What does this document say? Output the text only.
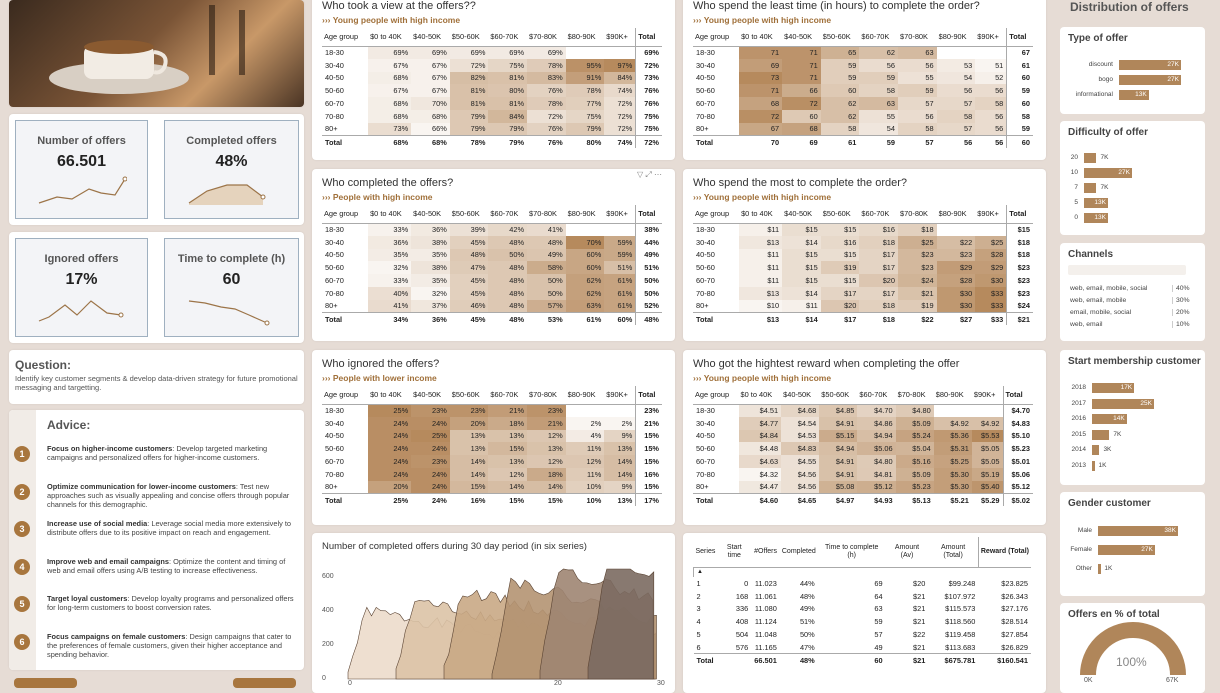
Number of offers
66.501
Completed offers
48%
Ignored offers
17%
Time to complete (h)
60
Question:
Identify key customer segments & develop data-driven strategy for future promotional messaging and targetting.
Advice:
1
Focus on higher-income customers: Develop targeted marketing campaigns and personalized offers for higher-income customers.
2
Optimize communication for lower-income customers: Test new approaches such as visually appealing and concise offers through popular channels for this demographic.
3
Increase use of social media: Leverage social media more extensively to distribute offers due to its positive impact on reach and engagement.
4
Improve web and email campaigns: Optimize the content and timing of web and email offers using A/B testing to increase effectiveness.
5
Target loyal customers: Develop loyalty programs and personalized offers for long-term customers to boost conversion rates.
6
Focus campaigns on female customers: Design campaigns that cater to the preferences of female customers, given their higher acceptance and spending behavior.
Who took a view at the offers??
››› Young people with high income
Age group	$0 to 40K	$40-50K	$50-60K	$60-70K	$70-80K	$80-90K	$90K+	Total
18-30	69%	69%	69%	69%	69%			69%
30-40	67%	67%	72%	75%	78%	95%	97%	72%
40-50	68%	67%	82%	81%	83%	91%	84%	73%
50-60	67%	67%	81%	80%	76%	78%	74%	76%
60-70	68%	70%	81%	81%	78%	77%	72%	76%
70-80	68%	68%	79%	84%	72%	75%	72%	75%
80+	73%	66%	79%	79%	76%	79%	72%	75%
Total	68%	68%	78%	79%	76%	80%	74%	72%
Who spend the least time (in hours) to complete the order?
››› Young people with high income
Age group	$0 to 40K	$40-50K	$50-60K	$60-70K	$70-80K	$80-90K	$90K+	Total
18-30	71	71	65	62	63			67
30-40	69	71	59	56	56	53	51	61
40-50	73	71	59	59	55	54	52	60
50-60	71	66	60	58	59	56	56	59
60-70	68	72	62	63	57	57	58	60
70-80	72	60	62	55	56	58	56	58
80+	67	68	58	54	58	57	56	59
Total	70	69	61	59	57	56	56	60
Who completed the offers?
››› People with high income
Age group	$0 to 40K	$40-50K	$50-60K	$60-70K	$70-80K	$80-90K	$90K+	Total
18-30	33%	36%	39%	42%	41%			38%
30-40	36%	38%	45%	48%	48%	70%	59%	44%
40-50	35%	35%	48%	50%	49%	60%	59%	49%
50-60	32%	38%	47%	48%	58%	60%	51%	51%
60-70	33%	35%	45%	48%	50%	62%	61%	50%
70-80	40%	32%	45%	48%	50%	62%	61%	50%
80+	41%	37%	46%	48%	57%	63%	61%	52%
Total	34%	36%	45%	48%	53%	61%	60%	48%
Who spend the most to complete the order?
››› Young people with high income
Age group	$0 to 40K	$40-50K	$50-60K	$60-70K	$70-80K	$80-90K	$90K+	Total
18-30	$11	$15	$15	$16	$18			$15
30-40	$13	$14	$16	$18	$25	$22	$25	$18
40-50	$11	$15	$15	$17	$23	$23	$28	$18
50-60	$11	$15	$19	$17	$23	$29	$29	$23
60-70	$11	$15	$15	$20	$24	$28	$30	$23
70-80	$13	$14	$17	$17	$21	$30	$33	$23
80+	$10	$11	$20	$18	$19	$30	$33	$24
Total	$13	$14	$17	$18	$22	$27	$33	$21
Who ignored the offers?
››› People with lower income
Age group	$0 to 40K	$40-50K	$50-60K	$60-70K	$70-80K	$80-90K	$90K+	Total
18-30	25%	23%	23%	21%	23%			23%
30-40	24%	24%	20%	18%	21%	2%	2%	21%
40-50	24%	25%	13%	13%	12%	4%	9%	15%
50-60	24%	24%	13%	15%	13%	11%	13%	15%
60-70	24%	23%	14%	13%	12%	12%	14%	15%
70-80	24%	24%	14%	12%	18%	11%	14%	16%
80+	20%	24%	15%	14%	14%	10%	9%	15%
Total	25%	24%	16%	15%	15%	10%	13%	17%
Who got the hightest reward when completing the offer
››› Young people with high income
Age group	$0 to 40K	$40-50K	$50-60K	$60-70K	$70-80K	$80-90K	$90K+	Total
18-30	$4.51	$4.68	$4.85	$4.70	$4.80			$4.70
30-40	$4.77	$4.54	$4.91	$4.86	$5.09	$4.92	$4.92	$4.83
40-50	$4.84	$4.53	$5.15	$4.94	$5.24	$5.36	$5.53	$5.10
50-60	$4.48	$4.83	$4.94	$5.06	$5.04	$5.31	$5.05	$5.23
60-70	$4.63	$4.55	$4.91	$4.80	$5.16	$5.25	$5.05	$5.01
70-80	$4.32	$4.56	$4.91	$4.81	$5.09	$5.30	$5.19	$5.06
80+	$4.47	$4.56	$5.08	$5.12	$5.23	$5.30	$5.40	$5.12
Total	$4.60	$4.65	$4.97	$4.93	$5.13	$5.21	$5.29	$5.02
▽ ⤢ ⋯
Number of completed offers during 30 day period (in six series)
600
400
200
0
0	20	30
Series	Start time	#Offers	Completed	Time to complete (h)	Amount (Av)	Amount (Total)	Reward (Total)
▲							
1	0	11.023	44%	69	$20	$99.248	$23.825
2	168	11.061	48%	64	$21	$107.972	$26.343
3	336	11.080	49%	63	$21	$115.573	$27.176
4	408	11.124	51%	59	$21	$118.560	$28.514
5	504	11.048	50%	57	$22	$119.458	$27.854
6	576	11.165	47%	49	$21	$113.683	$26.829
Total		66.501	48%	60	$21	$675.781	$160.541
Distribution of offers
Type of offer
discount	27K
bogo	27K
informational	13K
Difficulty of offer
20	7K
10	27K
7	7K
5	13K
0	13K
Channels
web, email, mobile, social	40%
web, email, mobile	30%
email, mobile, social	20%
web, email	10%
Start membership customer
2018	17K
2017	25K
2016	14K
2015	7K
2014	3K
2013 1K
Gender customer
Male	38K
Female	27K
Other 1K
Offers en % of total
100%
0K	67K
